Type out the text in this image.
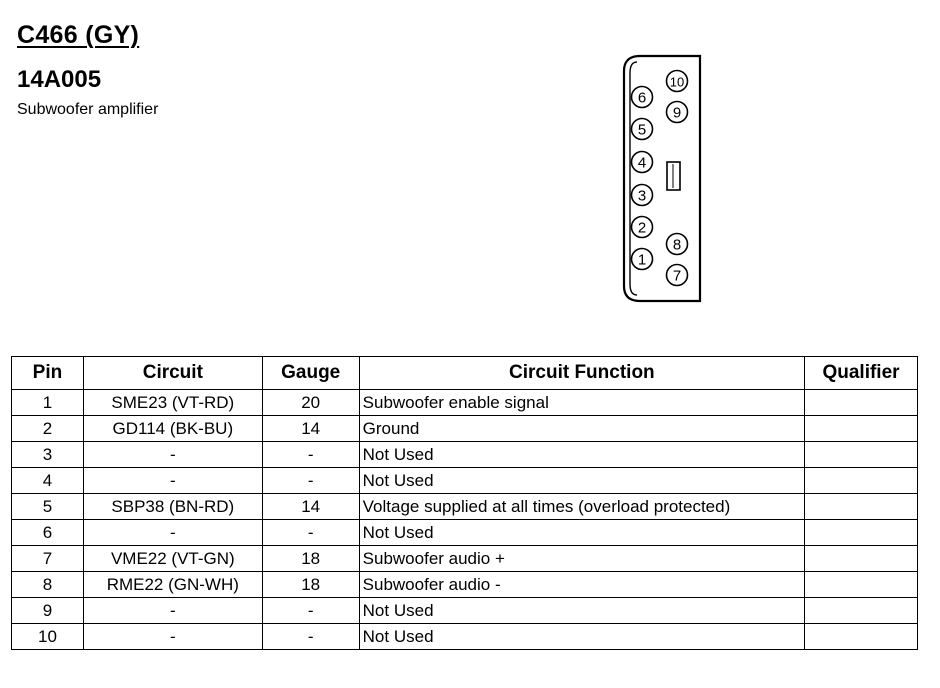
C466 (GY)
14A005
Subwoofer amplifier
1
2
3
4
5
6
7
8
9
10
Pin	Circuit	Gauge	Circuit Function	Qualifier
1	SME23 (VT-RD)	20	Subwoofer enable signal	
2	GD114 (BK-BU)	14	Ground	
3	-	-	Not Used	
4	-	-	Not Used	
5	SBP38 (BN-RD)	14	Voltage supplied at all times (overload protected)	
6	-	-	Not Used	
7	VME22 (VT-GN)	18	Subwoofer audio +	
8	RME22 (GN-WH)	18	Subwoofer audio -	
9	-	-	Not Used	
10	-	-	Not Used	
